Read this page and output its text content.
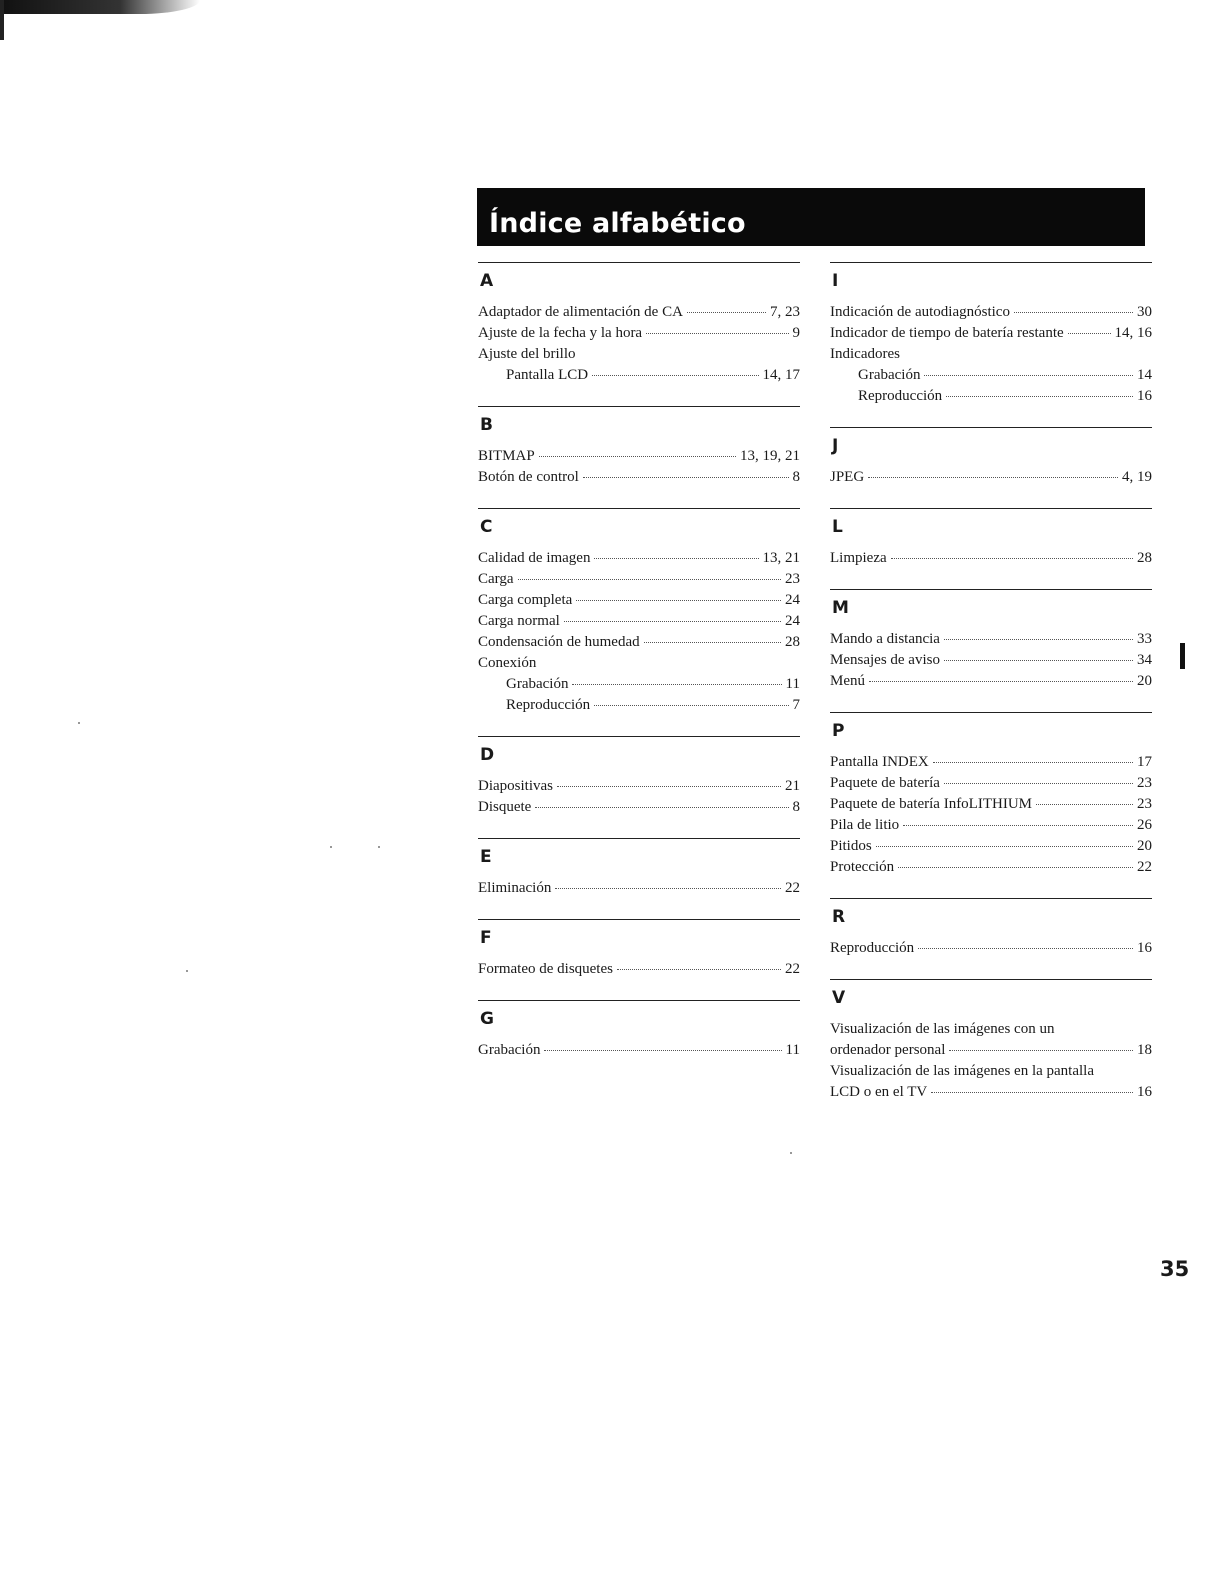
Índice alfabético
A
Adaptador de alimentación de CA	7, 23
Ajuste de la fecha y la hora	9
Ajuste del brillo
Pantalla LCD	14, 17
B
BITMAP	13, 19, 21
Botón de control	8
C
Calidad de imagen	13, 21
Carga	23
Carga completa	24
Carga normal	24
Condensación de humedad	28
Conexión
Grabación	11
Reproducción	7
D
Diapositivas	21
Disquete	8
E
Eliminación	22
F
Formateo de disquetes	22
G
Grabación	11
I
Indicación de autodiagnóstico	30
Indicador de tiempo de batería restante	14, 16
Indicadores
Grabación	14
Reproducción	16
J
JPEG	4, 19
L
Limpieza	28
M
Mando a distancia	33
Mensajes de aviso	34
Menú	20
P
Pantalla INDEX	17
Paquete de batería	23
Paquete de batería InfoLITHIUM	23
Pila de litio	26
Pitidos	20
Protección	22
R
Reproducción	16
V
Visualización de las imágenes con un
ordenador personal	18
Visualización de las imágenes en la pantalla
LCD o en el TV	16
35
